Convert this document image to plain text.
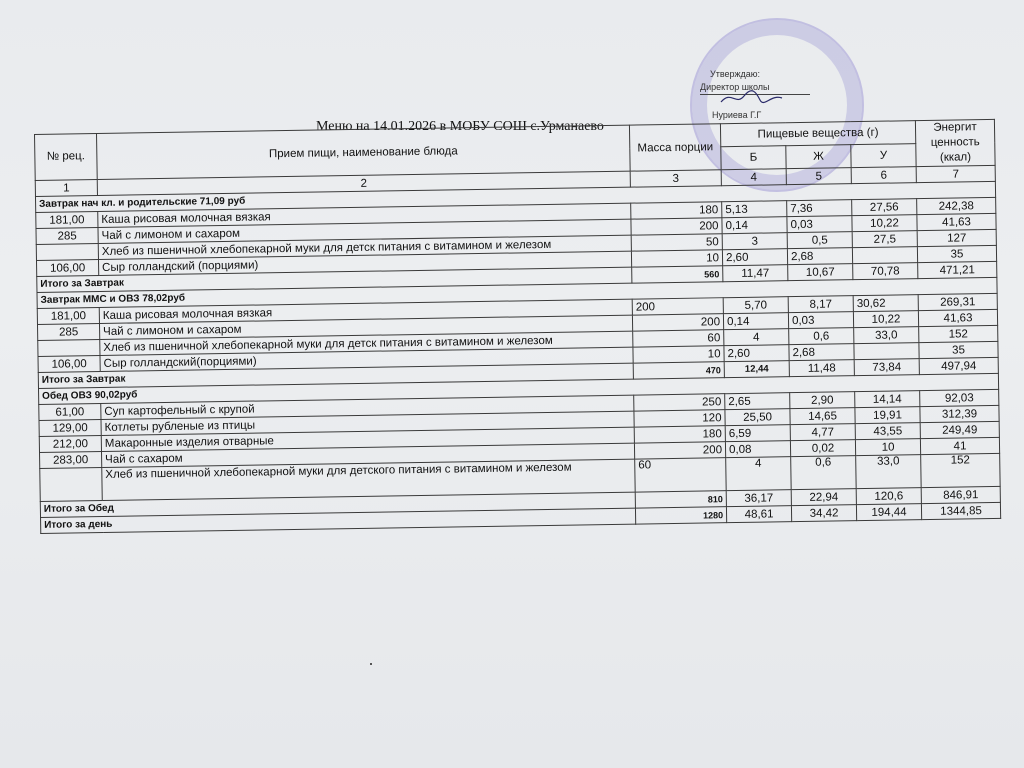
Утверждаю:
Директор школы
Нуриева Г.Г
Меню на 14.01.2026 в МОБУ СОШ с.Урманаево
№ рец.	Прием пищи, наименование блюда	Масса порции	Пищевые вещества (г)			Энергит ценность (ккал)
			Б	Ж	У	
1	2	3	4	5	6	7
Завтрак нач кл. и родительские 71,09 руб						
181,00	Каша рисовая молочная вязкая	180	5,13	7,36	27,56	242,38
285	Чай с лимоном и сахаром	200	0,14	0,03	10,22	41,63
	Хлеб из пшеничной хлебопекарной муки для детск питания с витамином и железом	50	3	0,5	27,5	127
106,00	Сыр голландский (порциями)	10	2,60	2,68		35
Итого за Завтрак		560	11,47	10,67	70,78	471,21
Завтрак ММС и ОВЗ 78,02руб						
181,00	Каша рисовая молочная вязкая	200	5,70	8,17	30,62	269,31
285	Чай с лимоном и сахаром	200	0,14	0,03	10,22	41,63
	Хлеб из пшеничной хлебопекарной муки для детск питания с витамином и железом	60	4	0,6	33,0	152
106,00	Сыр голландский(порциями)	10	2,60	2,68		35
Итого за Завтрак		470	12,44	11,48	73,84	497,94
Обед ОВЗ 90,02руб						
61,00	Суп картофельный с крупой	250	2,65	2,90	14,14	92,03
129,00	Котлеты рубленые из птицы	120	25,50	14,65	19,91	312,39
212,00	Макаронные изделия отварные	180	6,59	4,77	43,55	249,49
283,00	Чай с сахаром	200	0,08	0,02	10	41
	Хлеб из пшеничной хлебопекарной муки для детского питания с витамином и железом	60	4	0,6	33,0	152
Итого за Обед		810	36,17	22,94	120,6	846,91
Итого за день		1280	48,61	34,42	194,44	1344,85
